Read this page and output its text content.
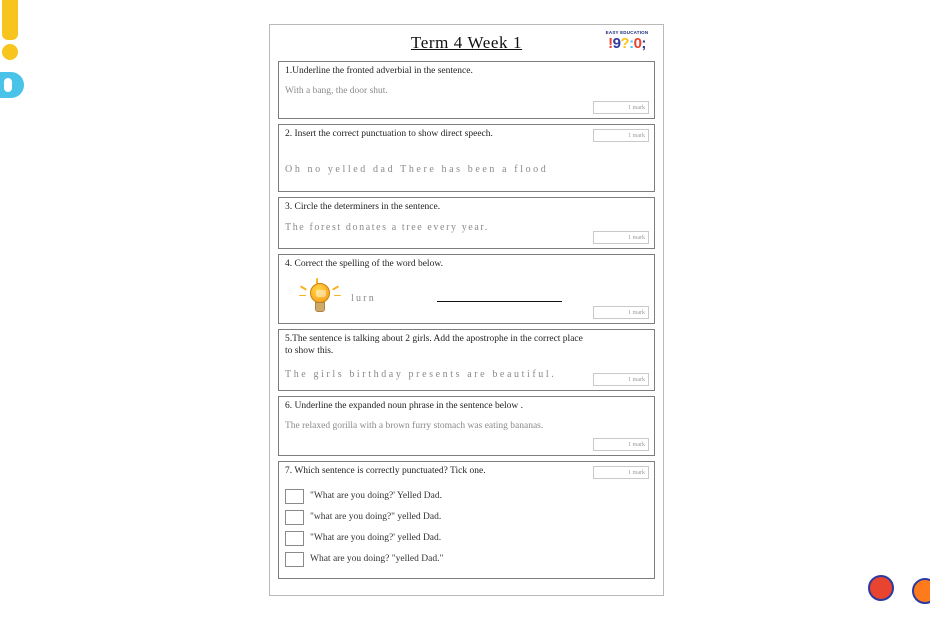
Term 4 Week 1
EASY EDUCATION
!9?:0;
1.Underline the fronted adverbial in the sentence.
With a bang, the door shut.
1 mark
2. Insert the correct punctuation to show direct speech.
Oh no yelled dad There has been a flood
1 mark
3. Circle the determiners in the sentence.
The forest donates a tree every year.
1 mark
4. Correct the spelling of the word below.
lurn
1 mark
5.The sentence is talking about 2 girls. Add the apostrophe in the correct place to show this.
The girls birthday presents are beautiful.
1 mark
6. Underline the expanded noun phrase in the sentence below .
The relaxed gorilla with a brown furry stomach was eating bananas.
1 mark
7. Which sentence is correctly punctuated? Tick one.	1 mark
"What are you doing?' Yelled Dad.
"what are you doing?" yelled Dad.
"What are you doing?' yelled Dad.
What are you doing? "yelled Dad."
